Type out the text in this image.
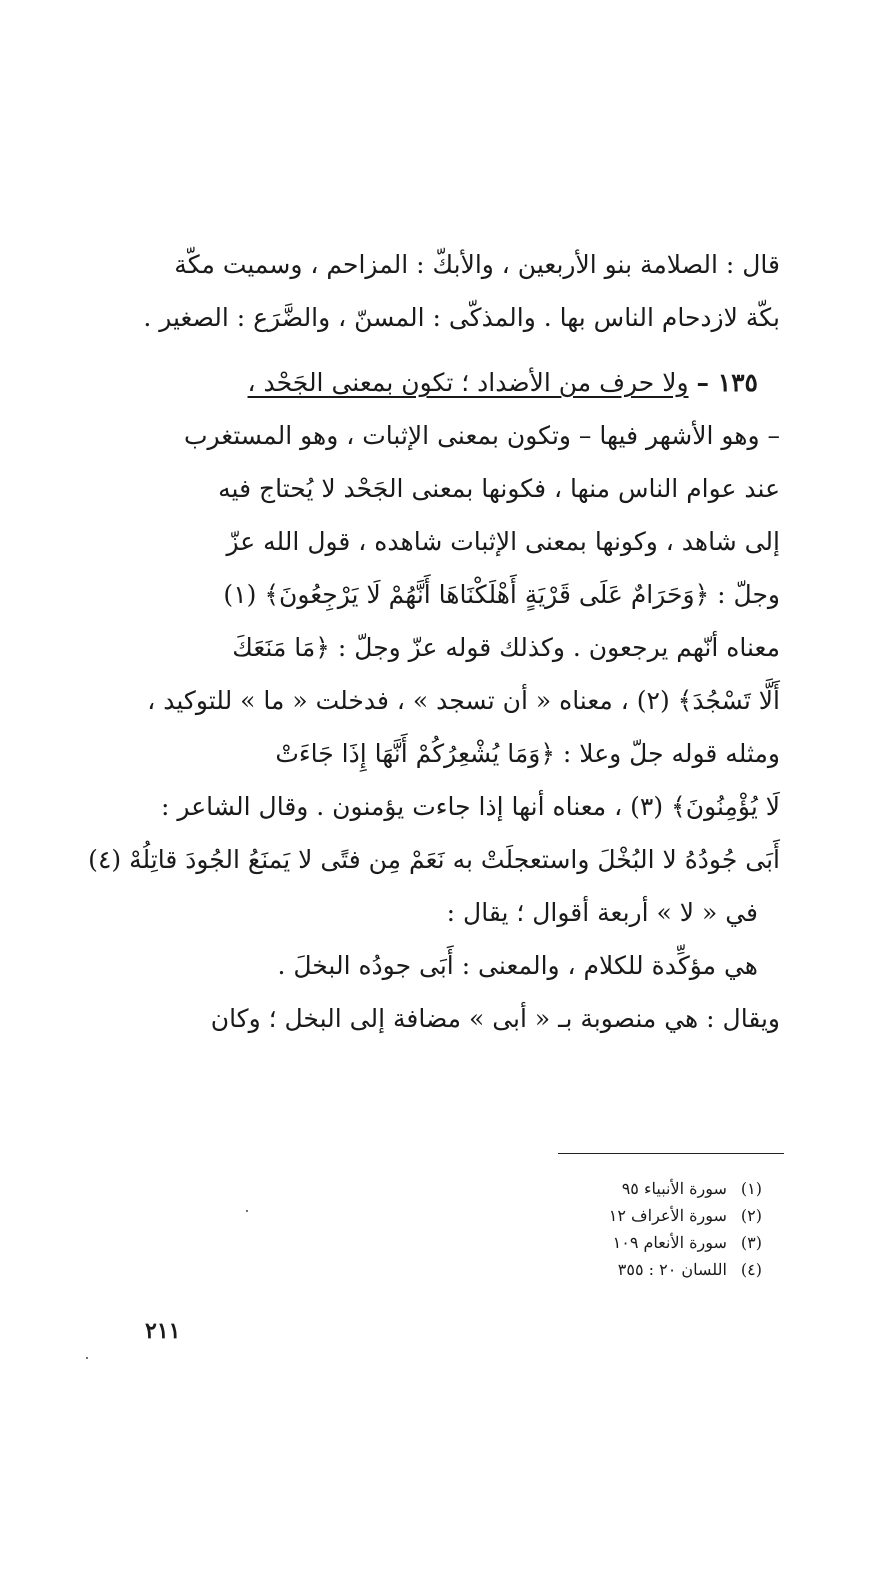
قال : الصلامة بنو الأربعين ، والأبكّ : المزاحم ، وسميت مكّة
بكّة لازدحام الناس بها . والمذكّى : المسنّ ، والضَّرَع : الصغير .
١٣٥ – ولا حرف من الأضداد ؛ تكون بمعنى الجَحْد ،
– وهو الأشهر فيها – وتكون بمعنى الإثبات ، وهو المستغرب
عند عوام الناس منها ، فكونها بمعنى الجَحْد لا يُحتاج فيه
إلى شاهد ، وكونها بمعنى الإثبات شاهده ، قول الله عزّ
وجلّ : ﴿وَحَرَامٌ عَلَى قَرْيَةٍ أَهْلَكْنَاهَا أَنَّهُمْ لَا يَرْجِعُونَ﴾ (١)
معناه أنّهم يرجعون . وكذلك قوله عزّ وجلّ : ﴿مَا مَنَعَكَ
أَلَّا تَسْجُدَ﴾ (٢) ، معناه « أن تسجد » ، فدخلت « ما » للتوكيد ،
ومثله قوله جلّ وعلا : ﴿وَمَا يُشْعِرُكُمْ أَنَّهَا إِذَا جَاءَتْ
لَا يُؤْمِنُونَ﴾ (٣) ، معناه أنها إذا جاءت يؤمنون . وقال الشاعر :
أَبَى جُودُهُ لا البُخْلَ واستعجلَتْ به نَعَمْ مِن فتًى لا يَمنَعُ الجُودَ قاتِلُهْ (٤)
في « لا » أربعة أقوال ؛ يقال :
هي مؤكِّدة للكلام ، والمعنى : أَبَى جودُه البخلَ .
ويقال : هي منصوبة بـ « أبى » مضافة إلى البخل ؛ وكان
(١) سورة الأنبياء ٩٥
(٢) سورة الأعراف ١٢
(٣) سورة الأنعام ١٠٩
(٤) اللسان ٢٠ : ٣٥٥
٢١١
